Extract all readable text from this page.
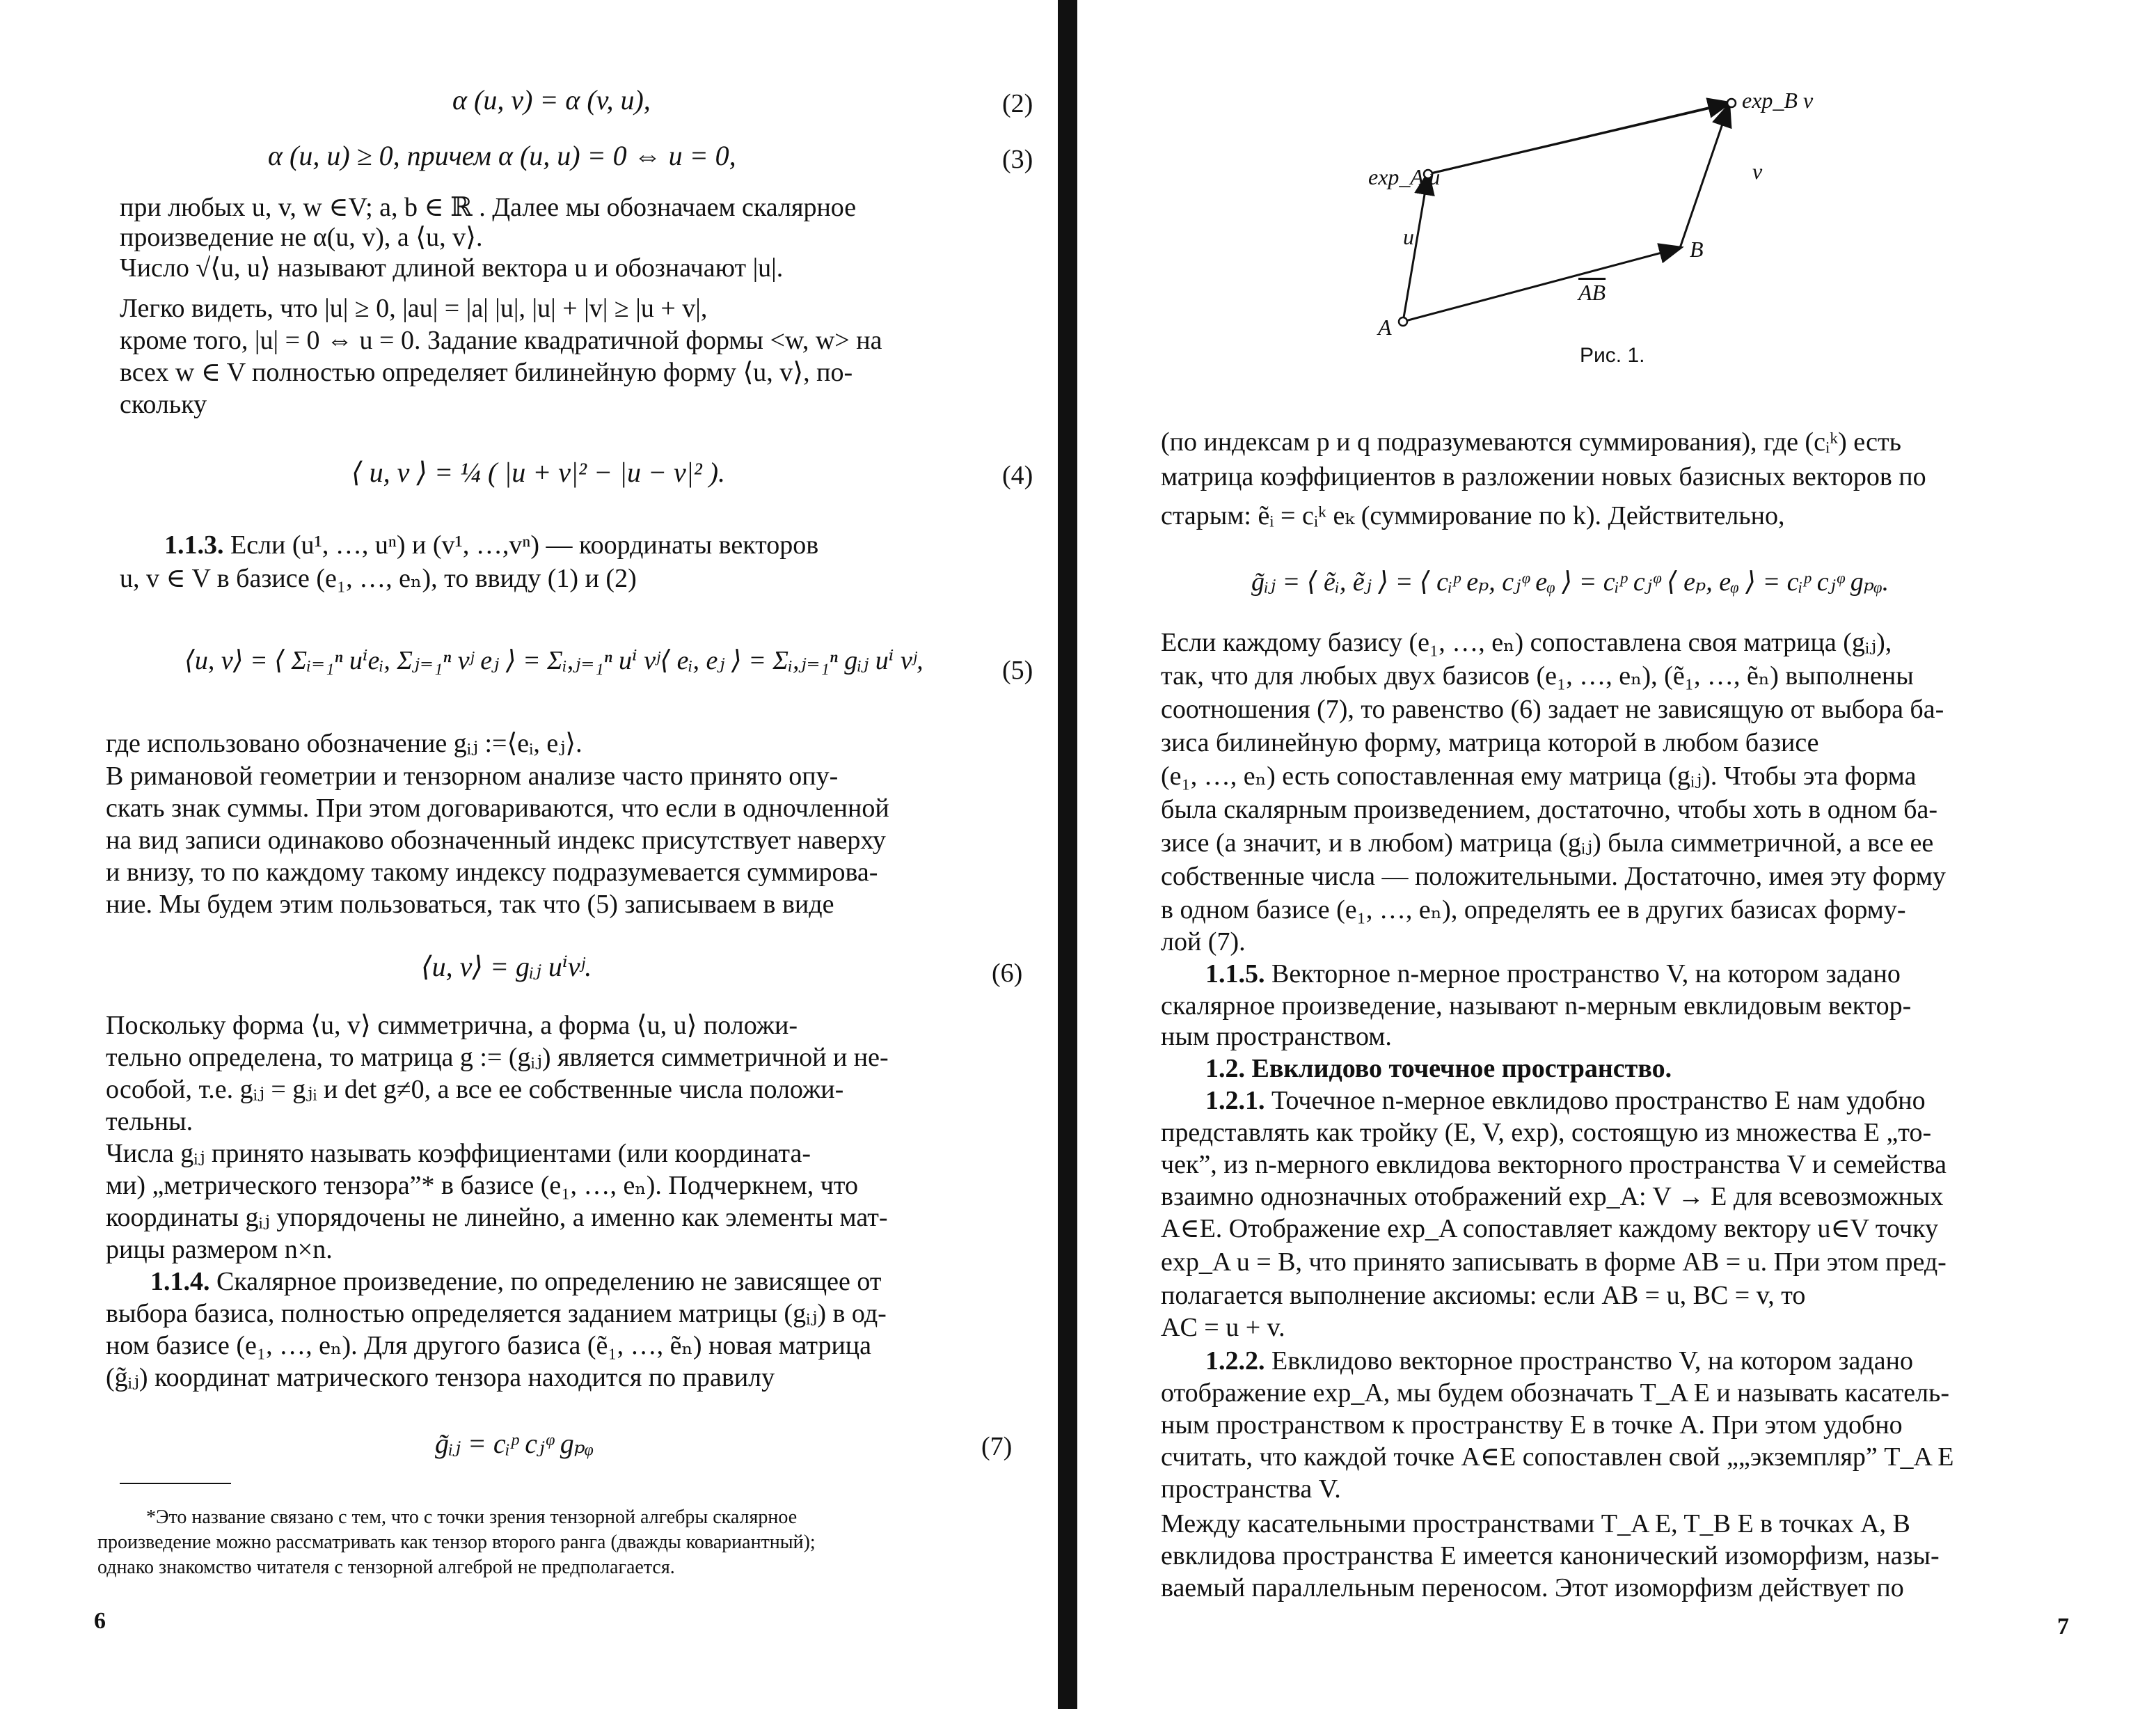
α (u, v) = α (v, u),	(2)
α (u, u) ≥ 0, причем α (u, u) = 0 ⇔ u = 0,	(3)
при любых u, v, w ∈V; a, b ∈ ℝ . Далее мы обозначаем скалярное
произведение не α(u, v), а ⟨u, v⟩.
Число √⟨u, u⟩ называют длиной вектора u и обозначают |u|.
Легко видеть, что |u| ≥ 0, |au| = |a| |u|, |u| + |v| ≥ |u + v|,
кроме того, |u| = 0 ⇔ u = 0. Задание квадратичной формы <w, w> на
всех w ∈ V полностью определяет билинейную форму ⟨u, v⟩, по-
скольку
⟨ u, v ⟩ = ¼ ( |u + v|² − |u − v|² ).	(4)
1.1.3. Если (u¹, …, uⁿ) и (v¹, …,vⁿ) — координаты векторов
u, v ∈ V в базисе (e₁, …, eₙ), то ввиду (1) и (2)
⟨u, v⟩ = ⟨ Σᵢ₌₁ⁿ uⁱeᵢ, Σⱼ₌₁ⁿ vʲ eⱼ ⟩ = Σᵢ,ⱼ₌₁ⁿ uⁱ vʲ⟨ eᵢ, eⱼ ⟩ = Σᵢ,ⱼ₌₁ⁿ gᵢⱼ uⁱ vʲ,	(5)
где использовано обозначение gᵢⱼ :=⟨eᵢ, eⱼ⟩.
В римановой геометрии и тензорном анализе часто принято опу-
скать знак суммы. При этом договариваются, что если в одночленной
на вид записи одинаково обозначенный индекс присутствует наверху
и внизу, то по каждому такому индексу подразумевается суммирова-
ние. Мы будем этим пользоваться, так что (5) записываем в виде
⟨u, v⟩ = gᵢⱼ uⁱvʲ.	(6)
Поскольку форма ⟨u, v⟩ симметрична, а форма ⟨u, u⟩ положи-
тельно определена, то матрица g := (gᵢⱼ) является симметричной и не-
особой, т.е. gᵢⱼ = gⱼᵢ и det g≠0, а все ее собственные числа положи-
тельны.
Числа gᵢⱼ принято называть коэффициентами (или координата-
ми) „метрического тензора”* в базисе (e₁, …, eₙ). Подчеркнем, что
координаты gᵢⱼ упорядочены не линейно, а именно как элементы мат-
рицы размером n×n.
1.1.4. Скалярное произведение, по определению не зависящее от
выбора базиса, полностью определяется заданием матрицы (gᵢⱼ) в од-
ном базисе (e₁, …, eₙ). Для другого базиса (ẽ₁, …, ẽₙ) новая матрица
(g̃ᵢⱼ) координат матрического тензора находится по правилу
g̃ᵢⱼ = cᵢᵖ cⱼᵠ gₚᵩ	(7)
*Это название связано с тем, что с точки зрения тензорной алгебры скалярное
произведение можно рассматривать как тензор второго ранга (дважды ковариантный);
однако знакомство читателя с тензорной алгеброй не предполагается.
6
exp_B v
exp_A u	v
u	B
A
$\overline{AB}$
Рис. 1.
(по индексам p и q подразумеваются суммирования), где (cᵢᵏ) есть
матрица коэффициентов в разложении новых базисных векторов по
старым: ẽᵢ = cᵢᵏ eₖ (суммирование по k). Действительно,
g̃ᵢⱼ = ⟨ ẽᵢ, ẽⱼ ⟩ = ⟨ cᵢᵖ eₚ, cⱼᵠ eᵩ ⟩ = cᵢᵖ cⱼᵠ ⟨ eₚ, eᵩ ⟩ = cᵢᵖ cⱼᵠ gₚᵩ.
Если каждому базису (e₁, …, eₙ) сопоставлена своя матрица (gᵢⱼ),
так, что для любых двух базисов (e₁, …, eₙ), (ẽ₁, …, ẽₙ) выполнены
соотношения (7), то равенство (6) задает не зависящую от выбора ба-
зиса билинейную форму, матрица которой в любом базисе
(e₁, …, eₙ) есть сопоставленная ему матрица (gᵢⱼ). Чтобы эта форма
была скалярным произведением, достаточно, чтобы хоть в одном ба-
зисе (а значит, и в любом) матрица (gᵢⱼ) была симметричной, а все ее
собственные числа — положительными. Достаточно, имея эту форму
в одном базисе (e₁, …, eₙ), определять ее в других базисах форму-
лой (7).
1.1.5. Векторное n-мерное пространство V, на котором задано
скалярное произведение, называют n-мерным евклидовым вектор-
ным пространством.
1.2. Евклидово точечное пространство.
1.2.1. Точечное n-мерное евклидово пространство E нам удобно
представлять как тройку (E, V, exp), состоящую из множества E „то-
чек”, из n-мерного евклидова векторного пространства V и семейства
взаимно однозначных отображений exp_A: V → E для всевозможных
A∈E. Отображение exp_A сопоставляет каждому вектору u∈V точку
exp_A u = B, что принято записывать в форме AB = u. При этом пред-
полагается выполнение аксиомы: если AB = u, BC = v, то
AC = u + v.
1.2.2. Евклидово векторное пространство V, на котором задано
отображение exp_A, мы будем обозначать T_A E и называть касатель-
ным пространством к пространству E в точке A. При этом удобно
считать, что каждой точке A∈E сопоставлен свой „„экземпляр” T_A E
пространства V.
Между касательными пространствами T_A E, T_B E в точках A, B
евклидова пространства E имеется канонический изоморфизм, назы-
ваемый параллельным переносом. Этот изоморфизм действует по
7
